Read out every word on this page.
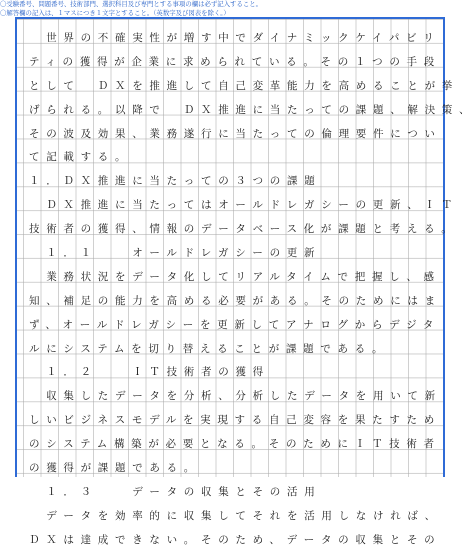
〇受験番号、問題番号、技術部門、選択科目及び専門とする事項の欄は必ず記入すること。
〇解答欄の記入は、１マスにつき１文字とすること。（英数字及び図表を除く。）
　世界の不確実性が増す中でダイナミックケイパビリ
ティの獲得が企業に求められている。その１つの手段
として　ＤＸを推進して自己変革能力を高めることが挙
げられる。以降で　ＤＸ推進に当たっての課題、解決策、
その波及効果、業務遂行に当たっての倫理要件につい
て記載する。
１．ＤＸ推進に当たっての３つの課題
　ＤＸ推進に当たってはオールドレガシーの更新、ＩＴ
技術者の獲得、情報のデータベース化が課題と考える。
　１．１　　オールドレガシーの更新
　業務状況をデータ化してリアルタイムで把握し、感
知、補足の能力を高める必要がある。そのためにはま
ず、オールドレガシーを更新してアナログからデジタ
ルにシステムを切り替えることが課題である。
　１．２　　ＩＴ技術者の獲得
　収集したデータを分析、分析したデータを用いて新
しいビジネスモデルを実現する自己変容を果たすため
のシステム構築が必要となる。そのためにＩＴ技術者
の獲得が課題である。
　１．３　　データの収集とその活用
　データを効率的に収集してそれを活用しなければ、
ＤＸは達成できない。そのため、データの収集とその
